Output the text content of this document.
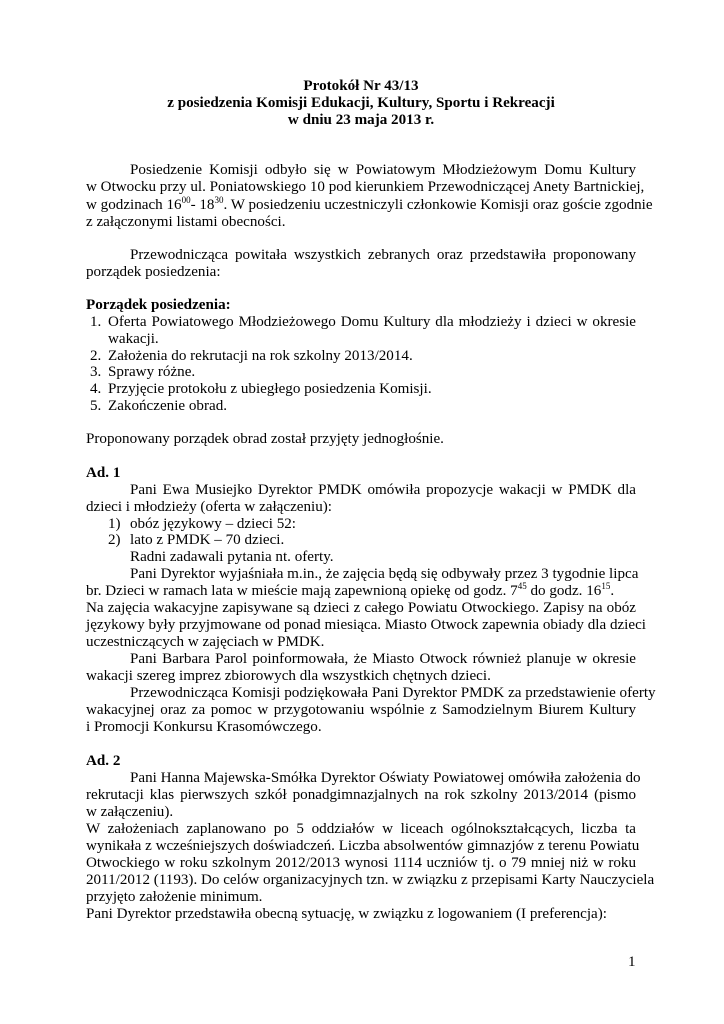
Protokół Nr 43/13
z posiedzenia Komisji Edukacji, Kultury, Sportu i Rekreacji
w dniu 23 maja 2013 r.
Posiedzenie Komisji odbyło się w Powiatowym Młodzieżowym Domu Kultury
w Otwocku przy ul. Poniatowskiego 10 pod kierunkiem Przewodniczącej Anety Bartnickiej,
w godzinach $16^{00}-$ $18^{30}$. W posiedzeniu uczestniczyli członkowie Komisji oraz goście zgodnie
z załączonymi listami obecności.
Przewodnicząca powitała wszystkich zebranych oraz przedstawiła proponowany
porządek posiedzenia:
Porządek posiedzenia:
1. Oferta Powiatowego Młodzieżowego Domu Kultury dla młodzieży i dzieci w okresie
wakacji.
2. Założenia do rekrutacji na rok szkolny 2013/2014.
3. Sprawy różne.
4. Przyjęcie protokołu z ubiegłego posiedzenia Komisji.
5. Zakończenie obrad.
Proponowany porządek obrad został przyjęty jednogłośnie.
Ad. 1
Pani Ewa Musiejko Dyrektor PMDK omówiła propozycje wakacji w PMDK dla
dzieci i młodzieży (oferta w załączeniu):
1) obóz językowy – dzieci 52:
2) lato z PMDK – 70 dzieci.
Radni zadawali pytania nt. oferty.
Pani Dyrektor wyjaśniała m.in., że zajęcia będą się odbywały przez 3 tygodnie lipca
br. Dzieci w ramach lata w mieście mają zapewnioną opiekę od godz. $7^{45}$ do godz. $16^{15}$.
Na zajęcia wakacyjne zapisywane są dzieci z całego Powiatu Otwockiego. Zapisy na obóz
językowy były przyjmowane od ponad miesiąca. Miasto Otwock zapewnia obiady dla dzieci
uczestniczących w zajęciach w PMDK.
Pani Barbara Parol poinformowała, że Miasto Otwock również planuje w okresie
wakacji szereg imprez zbiorowych dla wszystkich chętnych dzieci.
Przewodnicząca Komisji podziękowała Pani Dyrektor PMDK za przedstawienie oferty
wakacyjnej oraz za pomoc w przygotowaniu wspólnie z Samodzielnym Biurem Kultury
i Promocji Konkursu Krasomówczego.
Ad. 2
Pani Hanna Majewska-Smółka Dyrektor Oświaty Powiatowej omówiła założenia do
rekrutacji klas pierwszych szkół ponadgimnazjalnych na rok szkolny 2013/2014 (pismo
w załączeniu).
W założeniach zaplanowano po 5 oddziałów w liceach ogólnokształcących, liczba ta
wynikała z wcześniejszych doświadczeń. Liczba absolwentów gimnazjów z terenu Powiatu
Otwockiego w roku szkolnym 2012/2013 wynosi 1114 uczniów tj. o 79 mniej niż w roku
2011/2012 (1193). Do celów organizacyjnych tzn. w związku z przepisami Karty Nauczyciela
przyjęto założenie minimum.
Pani Dyrektor przedstawiła obecną sytuację, w związku z logowaniem (I preferencja):
1
